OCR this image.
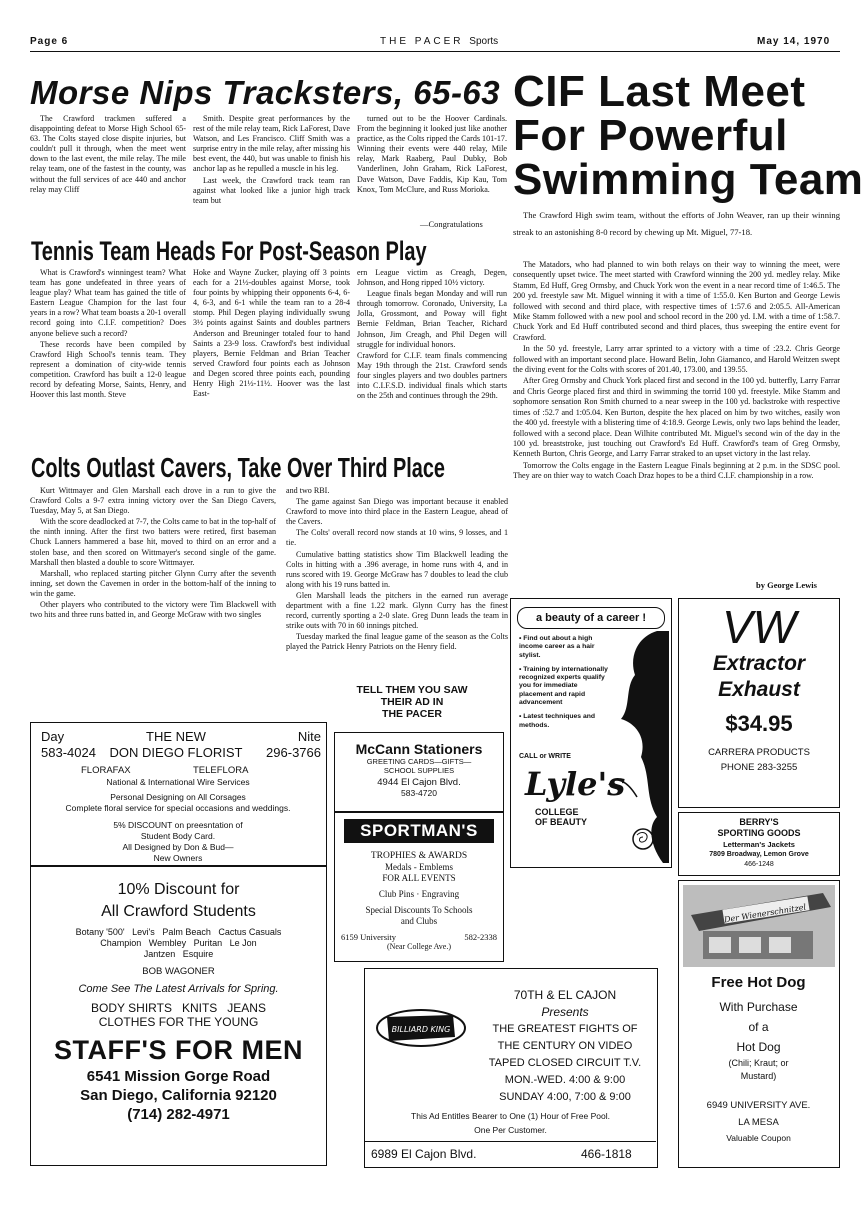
Page 6	THE PACER Sports	May 14, 1970
Morse Nips Tracksters, 65-63

The Crawford trackmen suffered a disappointing defeat to Morse High School 65-63. The Colts stayed close dispite injuries, but couldn't pull it through, when the meet went down to the last event, the mile relay. The mile relay team, one of the fastest in the county, was without the full services of ace 440 and anchor relay may Cliff

Smith. Despite great performances by the rest of the mile relay team, Rick LaForest, Dave Watson, and Les Francisco. Cliff Smith was a surprise entry in the mile relay, after missing his best event, the 440, but was unable to finish his anchor lap as he repulled a muscle in his leg.

Last week, the Crawford track team ran against what looked like a junior high track team but

turned out to be the Hoover Cardinals. From the beginning it looked just like another practice, as the Colts ripped the Cards 101-17. Winning their events were 440 relay, Mile relay, Mark Raaberg, Paul Dubky, Bob Vanderlinen, John Graham, Rick LaForest, Dave Watson, Dave Faddis, Kip Kau, Tom Knox, Tom McClure, and Russ Morioka.

—Congratulations
Tennis Team Heads For Post-Season Play

What is Crawford's winningest team? What team has gone undefeated in three years of league play? What team has gained the title of Eastern League Champion for the last four years in a row? What team boasts a 20-1 overall record going into C.I.F. competition? Does anyone believe such a record?

These records have been compiled by Crawford High School's tennis team. They represent a domination of city-wide tennis competition. Crawford has built a 12-0 league record by defeating Morse, Saints, Henry, and Hoover this last month. Steve

Hoke and Wayne Zucker, playing off 3 points each for a 21½-doubles against Morse, took four points by whipping their opponents 6-4, 6-4, 6-3, and 6-1 while the team ran to a 28-4 stomp. Phil Degen playing individually swung 3½ points against Saints and doubles partners Anderson and Breuninger totaled four to hand Saints a 23-9 loss. Crawford's best individual players, Bernie Feldman and Brian Teacher served Crawford four points each as Johnson and Degen scored three points each, pounding Henry High 21½-11½. Hoover was the last East-

ern League victim as Creagh, Degen, Johnson, and Hong ripped 10½ victory.

League finals began Monday and will run through tomorrow. Coronado, University, La Jolla, Grossmont, and Poway will fight Bernie Feldman, Brian Teacher, Richard Johnson, Jim Creagh, and Phil Degen will struggle for individual honors.

Crawford for C.I.F. team finals commencing May 19th through the 21st. Crawford sends four singles players and two doubles partners into C.I.F.S.D. individual finals which starts on the 25th and continues through the 29th.

Colts Outlast Cavers, Take Over Third Place

Kurt Wittmayer and Glen Marshall each drove in a run to give the Crawford Colts a 9-7 extra inning victory over the San Diego Cavers, Tuesday, May 5, at San Diego.

With the score deadlocked at 7-7, the Colts came to bat in the top-half of the ninth inning. After the first two batters were retired, first baseman Chuck Lanners hammered a base hit, moved to third on an error and a stolen base, and then scored on Wittmayer's second single of the game. Marshall then blasted a double to score Wittmayer.

Marshall, who replaced starting pitcher Glynn Curry after the seventh inning, set down the Cavemen in order in the bottom-half of the inning to win the game.

Other players who contributed to the victory were Tim Blackwell with two hits and three runs batted in, and George McGraw with two singles

and two RBI.

The game against San Diego was important because it enabled Crawford to move into third place in the Eastern League, ahead of the Cavers.

The Colts' overall record now stands at 10 wins, 9 losses, and 1 tie.

Cumulative batting statistics show Tim Blackwell leading the Colts in hitting with a .396 average, in home runs with 4, and in runs scored with 19. George McGraw has 7 doubles to lead the club along with his 19 runs batted in.

Glen Marshall leads the pitchers in the earned run average department with a fine 1.22 mark. Glynn Curry has the finest record, currently sporting a 2-0 slate. Greg Dunn leads the team in strike outs with 70 in 60 innings pitched.

Tuesday marked the final league game of the season as the Colts played the Patrick Henry Patriots on the Henry field.

CIF Last Meet
For Powerful
Swimming Team

The Crawford High swim team, without the efforts of John Weaver, ran up their winning streak to an astonishing 8-0 record by chewing up Mt. Miguel, 77-18.

The Matadors, who had planned to win both relays on their way to winning the meet, were consequently upset twice. The meet started with Crawford winning the 200 yd. medley relay. Mike Stamm, Ed Huff, Greg Ormsby, and Chuck York won the event in a near record time of 1:46.5. The 200 yd. freestyle saw Mt. Miguel winning it with a time of 1:55.0. Ken Burton and George Lewis followed with second and third place, with respective times of 1:57.6 and 2:05.5. All-American Mike Stamm followed with a new pool and school record in the 200 yd. I.M. with a time of 1:58.7. Chuck York and Ed Huff contributed second and third places, thus sweeping the entire event for Crawford.

In the 50 yd. freestyle, Larry arrar sprinted to a victory with a time of :23.2. Chris George followed with an important second place. Howard Belin, John Giamanco, and Harold Weitzen swept the diving event for the Colts with scores of 201.40, 173.00, and 139.55.

After Greg Ormsby and Chuck York placed first and second in the 100 yd. butterfly, Larry Farrar and Chris George placed first and third in swimming the torrid 100 yd. freestyle. Mike Stamm and sophomore sensation Ron Smith churned to a near sweep in the 100 yd. backstroke with respective times of :52.7 and 1:05.04. Ken Burton, despite the hex placed on him by two witches, easily won the 400 yd. freestyle with a blistering time of 4:18.9. George Lewis, only two laps behind the leader, followed with a second place. Dean Wilhite contributed Mt. Miguel's second win of the day in the 100 yd. breaststroke, just touching out Crawford's Ed Huff. Crawford's team of Greg Ormsby, Kenneth Burton, Chris George, and Larry Farrar straked to an upset victory in the last relay.

Tomorrow the Colts engage in the Eastern League Finals beginning at 2 p.m. in the SDSC pool. They are on thier way to watch Coach Draz hopes to be a third C.I.F. championship in a row.

by George Lewis
TELL THEM YOU SAW
THEIR AD IN
THE PACER
Day
583-4024
THE NEW
DON DIEGO FLORIST
Nite
296-3766
FLORAFAX	TELEFLORA
National & International Wire Services
Personal Designing on All Corsages
Complete floral service for special occasions and weddings.
5% DISCOUNT on preesntation of
Student Body Card.
All Designed by Don & Bud—
New Owners
10% Discount for
All Crawford Students
Botany '500'   Levi's   Palm Beach   Cactus Casuals
Champion   Wembley   Puritan   Le Jon
Jantzen   Esquire
BOB WAGONER
Come See The Latest Arrivals for Spring.
BODY SHIRTS   KNITS   JEANS
CLOTHES FOR THE YOUNG
STAFF'S FOR MEN
6541 Mission Gorge Road
San Diego, California 92120
(714) 282-4971
McCann Stationers
GREETING CARDS—GIFTS—
SCHOOL SUPPLIES
4944 El Cajon Blvd.
583-4720
SPORTMAN'S
TROPHIES & AWARDS
Medals - Emblems
FOR ALL EVENTS
Club Pins · Engraving
Special Discounts To Schools
and Clubs
6159 University	582-2338
(Near College Ave.)
a beauty of a career !
• Find out about a high income career as a hair stylist.
• Training by internationally recognized experts qualify you for immediate placement and rapid advancement
• Latest techniques and methods.
CALL or WRITE
Lyle's
COLLEGE
OF BEAUTY
VW
Extractor
Exhaust
$34.95
CARRERA PRODUCTS
PHONE 283-3255
BERRY'S
SPORTING GOODS
Letterman's Jackets
7809 Broadway, Lemon Grove
466-1248
BILLIARD KING
70TH & EL CAJON
Presents
THE GREATEST FIGHTS OF
THE CENTURY ON VIDEO
TAPED CLOSED CIRCUIT T.V.
MON.-WED. 4:00 & 9:00
SUNDAY 4:00, 7:00 & 9:00
This Ad Entitles Bearer to One (1) Hour of Free Pool.
One Per Customer.
6989 El Cajon Blvd.	466-1818
Der Wienerschnitzel
Free Hot Dog
With Purchase
of a
Hot Dog
(Chili; Kraut; or
Mustard)
6949 UNIVERSITY AVE.
LA MESA
Valuable Coupon
